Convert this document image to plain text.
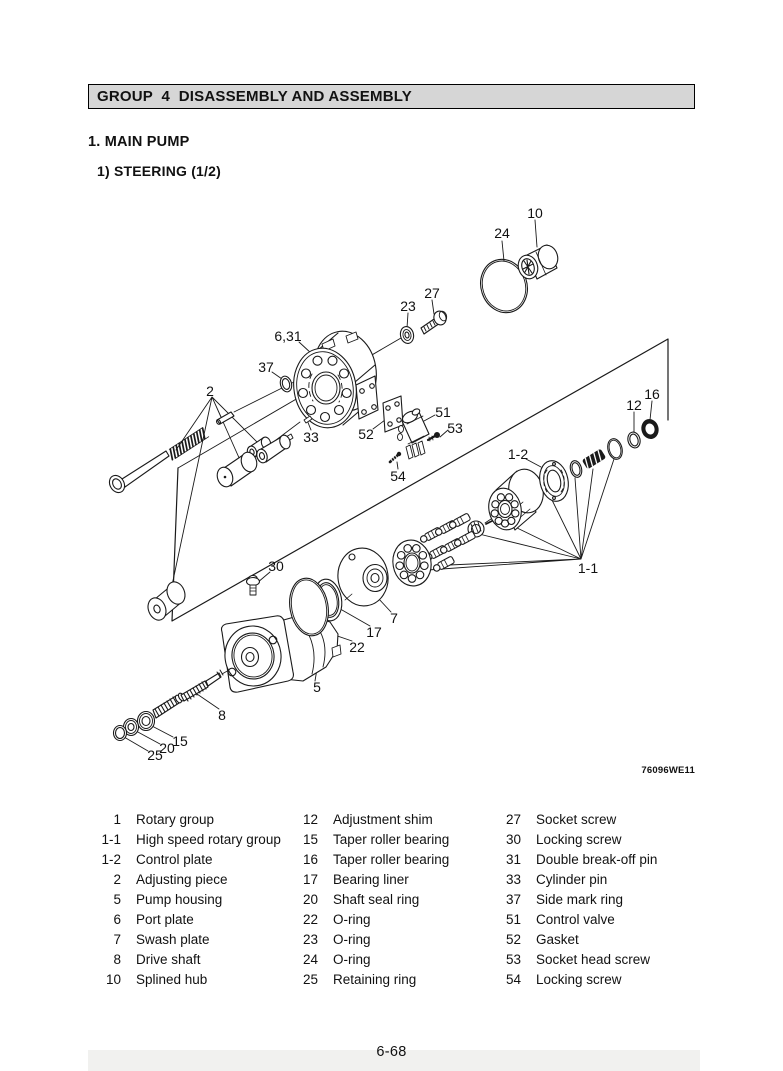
GROUP  4  DISASSEMBLY AND ASSEMBLY
1. MAIN PUMP
1) STEERING (1/2)
10
24
27
23
6,31
37
2
33	52
51
53
54
1-2
12
16
1-1
30
7
17
22
5
8
15
20
25
76096WE11
1 Rotary group
1-1 High speed rotary group
1-2 Control plate
2 Adjusting piece
5 Pump housing
6 Port plate
7 Swash plate
8 Drive shaft
10 Splined hub
12 Adjustment shim
15 Taper roller bearing
16 Taper roller bearing
17 Bearing liner
20 Shaft seal ring
22 O-ring
23 O-ring
24 O-ring
25 Retaining ring
27 Socket screw
30 Locking screw
31 Double break-off pin
33 Cylinder pin
37 Side mark ring
51 Control valve
52 Gasket
53 Socket head screw
54 Locking screw
6-68
